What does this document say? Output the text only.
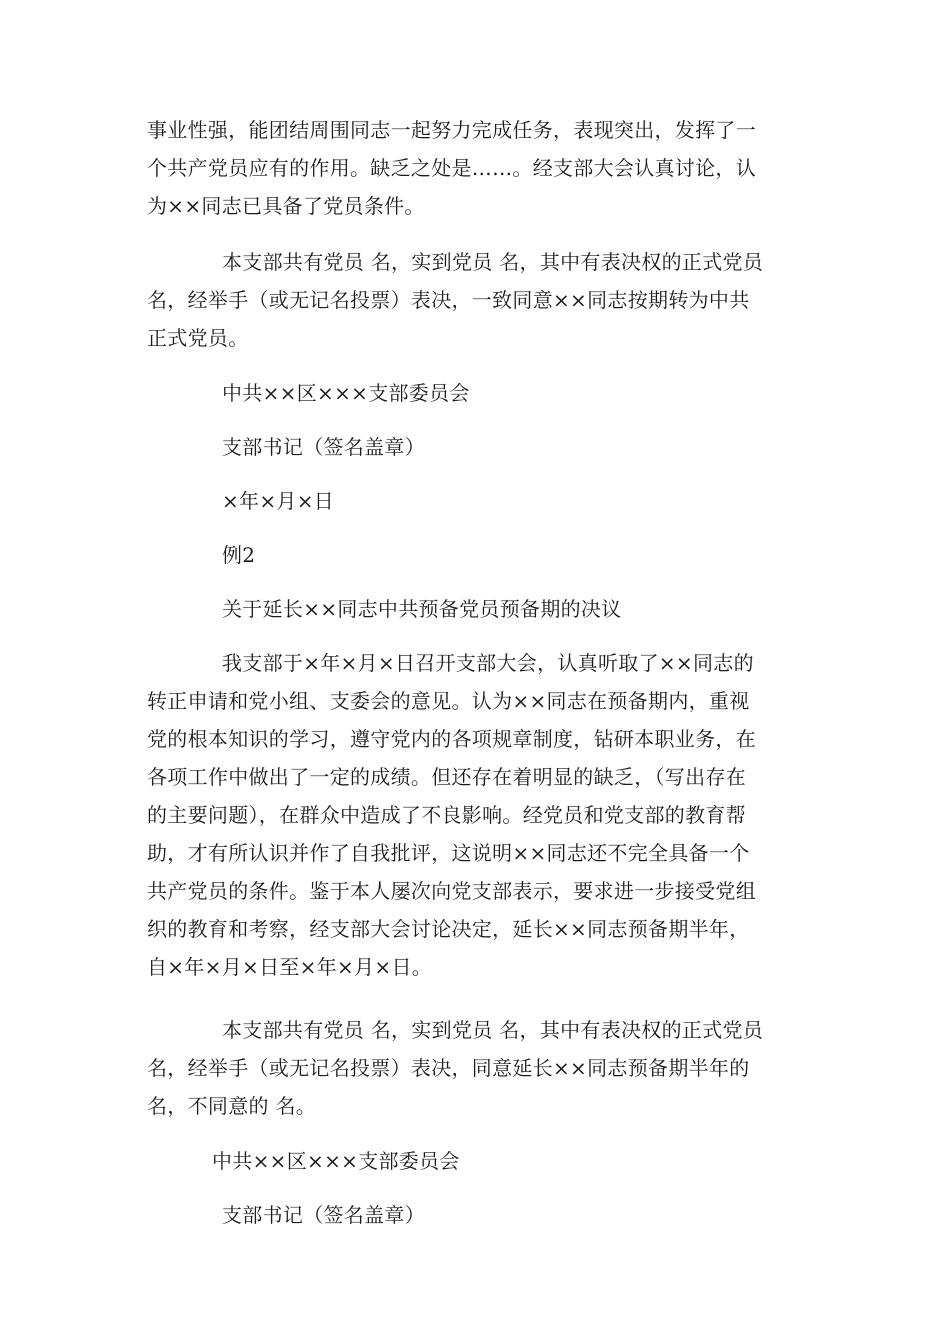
事业性强，能团结周围同志一起努力完成任务，表现突出，发挥了一
个共产党员应有的作用。缺乏之处是……。经支部大会认真讨论，认
为××同志已具备了党员条件。
本支部共有党员 名，实到党员 名，其中有表决权的正式党员
名，经举手（或无记名投票）表决，一致同意××同志按期转为中共
正式党员。
中共××区×××支部委员会
支部书记（签名盖章）
×年×月×日
例2
关于延长××同志中共预备党员预备期的决议
我支部于×年×月×日召开支部大会，认真听取了××同志的
转正申请和党小组、支委会的意见。认为××同志在预备期内，重视
党的根本知识的学习，遵守党内的各项规章制度，钻研本职业务，在
各项工作中做出了一定的成绩。但还存在着明显的缺乏，（写出存在
的主要问题），在群众中造成了不良影响。经党员和党支部的教育帮
助，才有所认识并作了自我批评，这说明××同志还不完全具备一个
共产党员的条件。鉴于本人屡次向党支部表示，要求进一步接受党组
织的教育和考察，经支部大会讨论决定，延长××同志预备期半年，
自×年×月×日至×年×月×日。
本支部共有党员 名，实到党员 名，其中有表决权的正式党员
名，经举手（或无记名投票）表决，同意延长××同志预备期半年的
名，不同意的 名。
中共××区×××支部委员会
支部书记（签名盖章）
